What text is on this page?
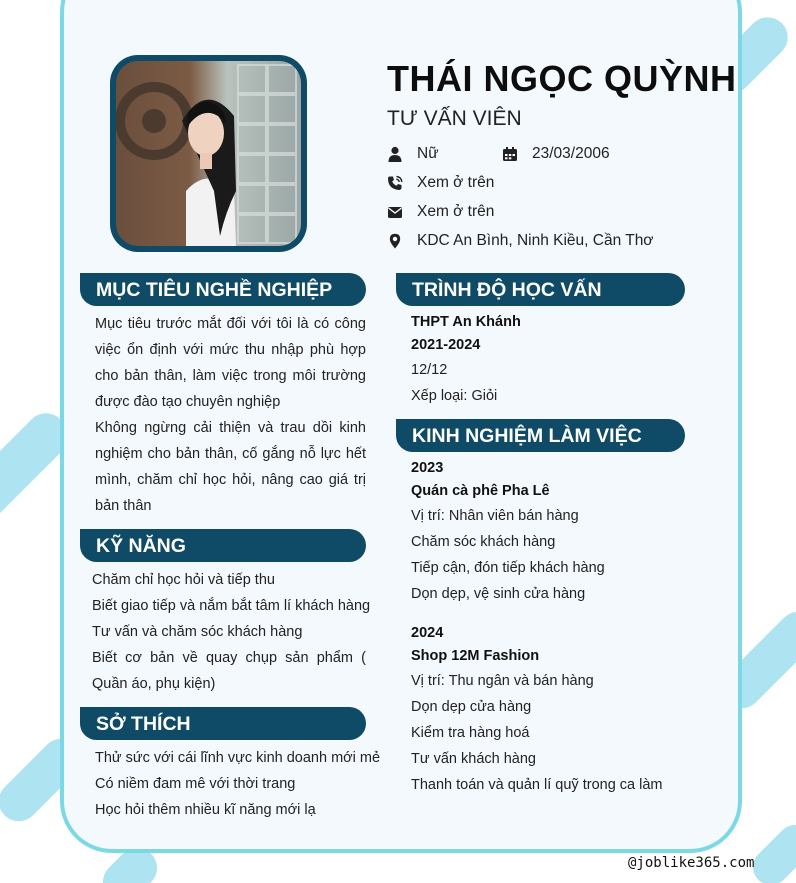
THÁI NGỌC QUỲNH
TƯ VẤN VIÊN
Nữ	23/03/2006
Xem ở trên
Xem ở trên
KDC An Bình, Ninh Kiều, Cần Thơ
MỤC TIÊU NGHỀ NGHIỆP
Mục tiêu trước mắt đối với tôi là có công việc ổn định với mức thu nhập phù hợp cho bản thân, làm việc trong môi trường được đào tạo chuyên nghiệp
Không ngừng cải thiện và trau dồi kinh nghiệm cho bản thân, cố gắng nỗ lực hết mình, chăm chỉ học hỏi, nâng cao giá trị bản thân
KỸ NĂNG
Chăm chỉ học hỏi và tiếp thu
Biết giao tiếp và nắm bắt tâm lí khách hàng
Tư vấn và chăm sóc khách hàng
Biết cơ bản về quay chụp sản phẩm ( Quần áo, phụ kiện)
SỞ THÍCH
Thử sức với cái lĩnh vực kinh doanh mới mẻ
Có niềm đam mê với thời trang
Học hỏi thêm nhiều kĩ năng mới lạ
TRÌNH ĐỘ HỌC VẤN
THPT An Khánh
2021-2024
12/12
Xếp loại: Giỏi
KINH NGHIỆM LÀM VIỆC
2023
Quán cà phê Pha Lê
Vị trí: Nhân viên bán hàng
Chăm sóc khách hàng
Tiếp cận, đón tiếp khách hàng
Dọn dẹp, vệ sinh cửa hàng
2024
Shop 12M Fashion
Vị trí: Thu ngân và bán hàng
Dọn dẹp cửa hàng
Kiểm tra hàng hoá
Tư vấn khách hàng
Thanh toán và quản lí quỹ trong ca làm
@joblike365.com
